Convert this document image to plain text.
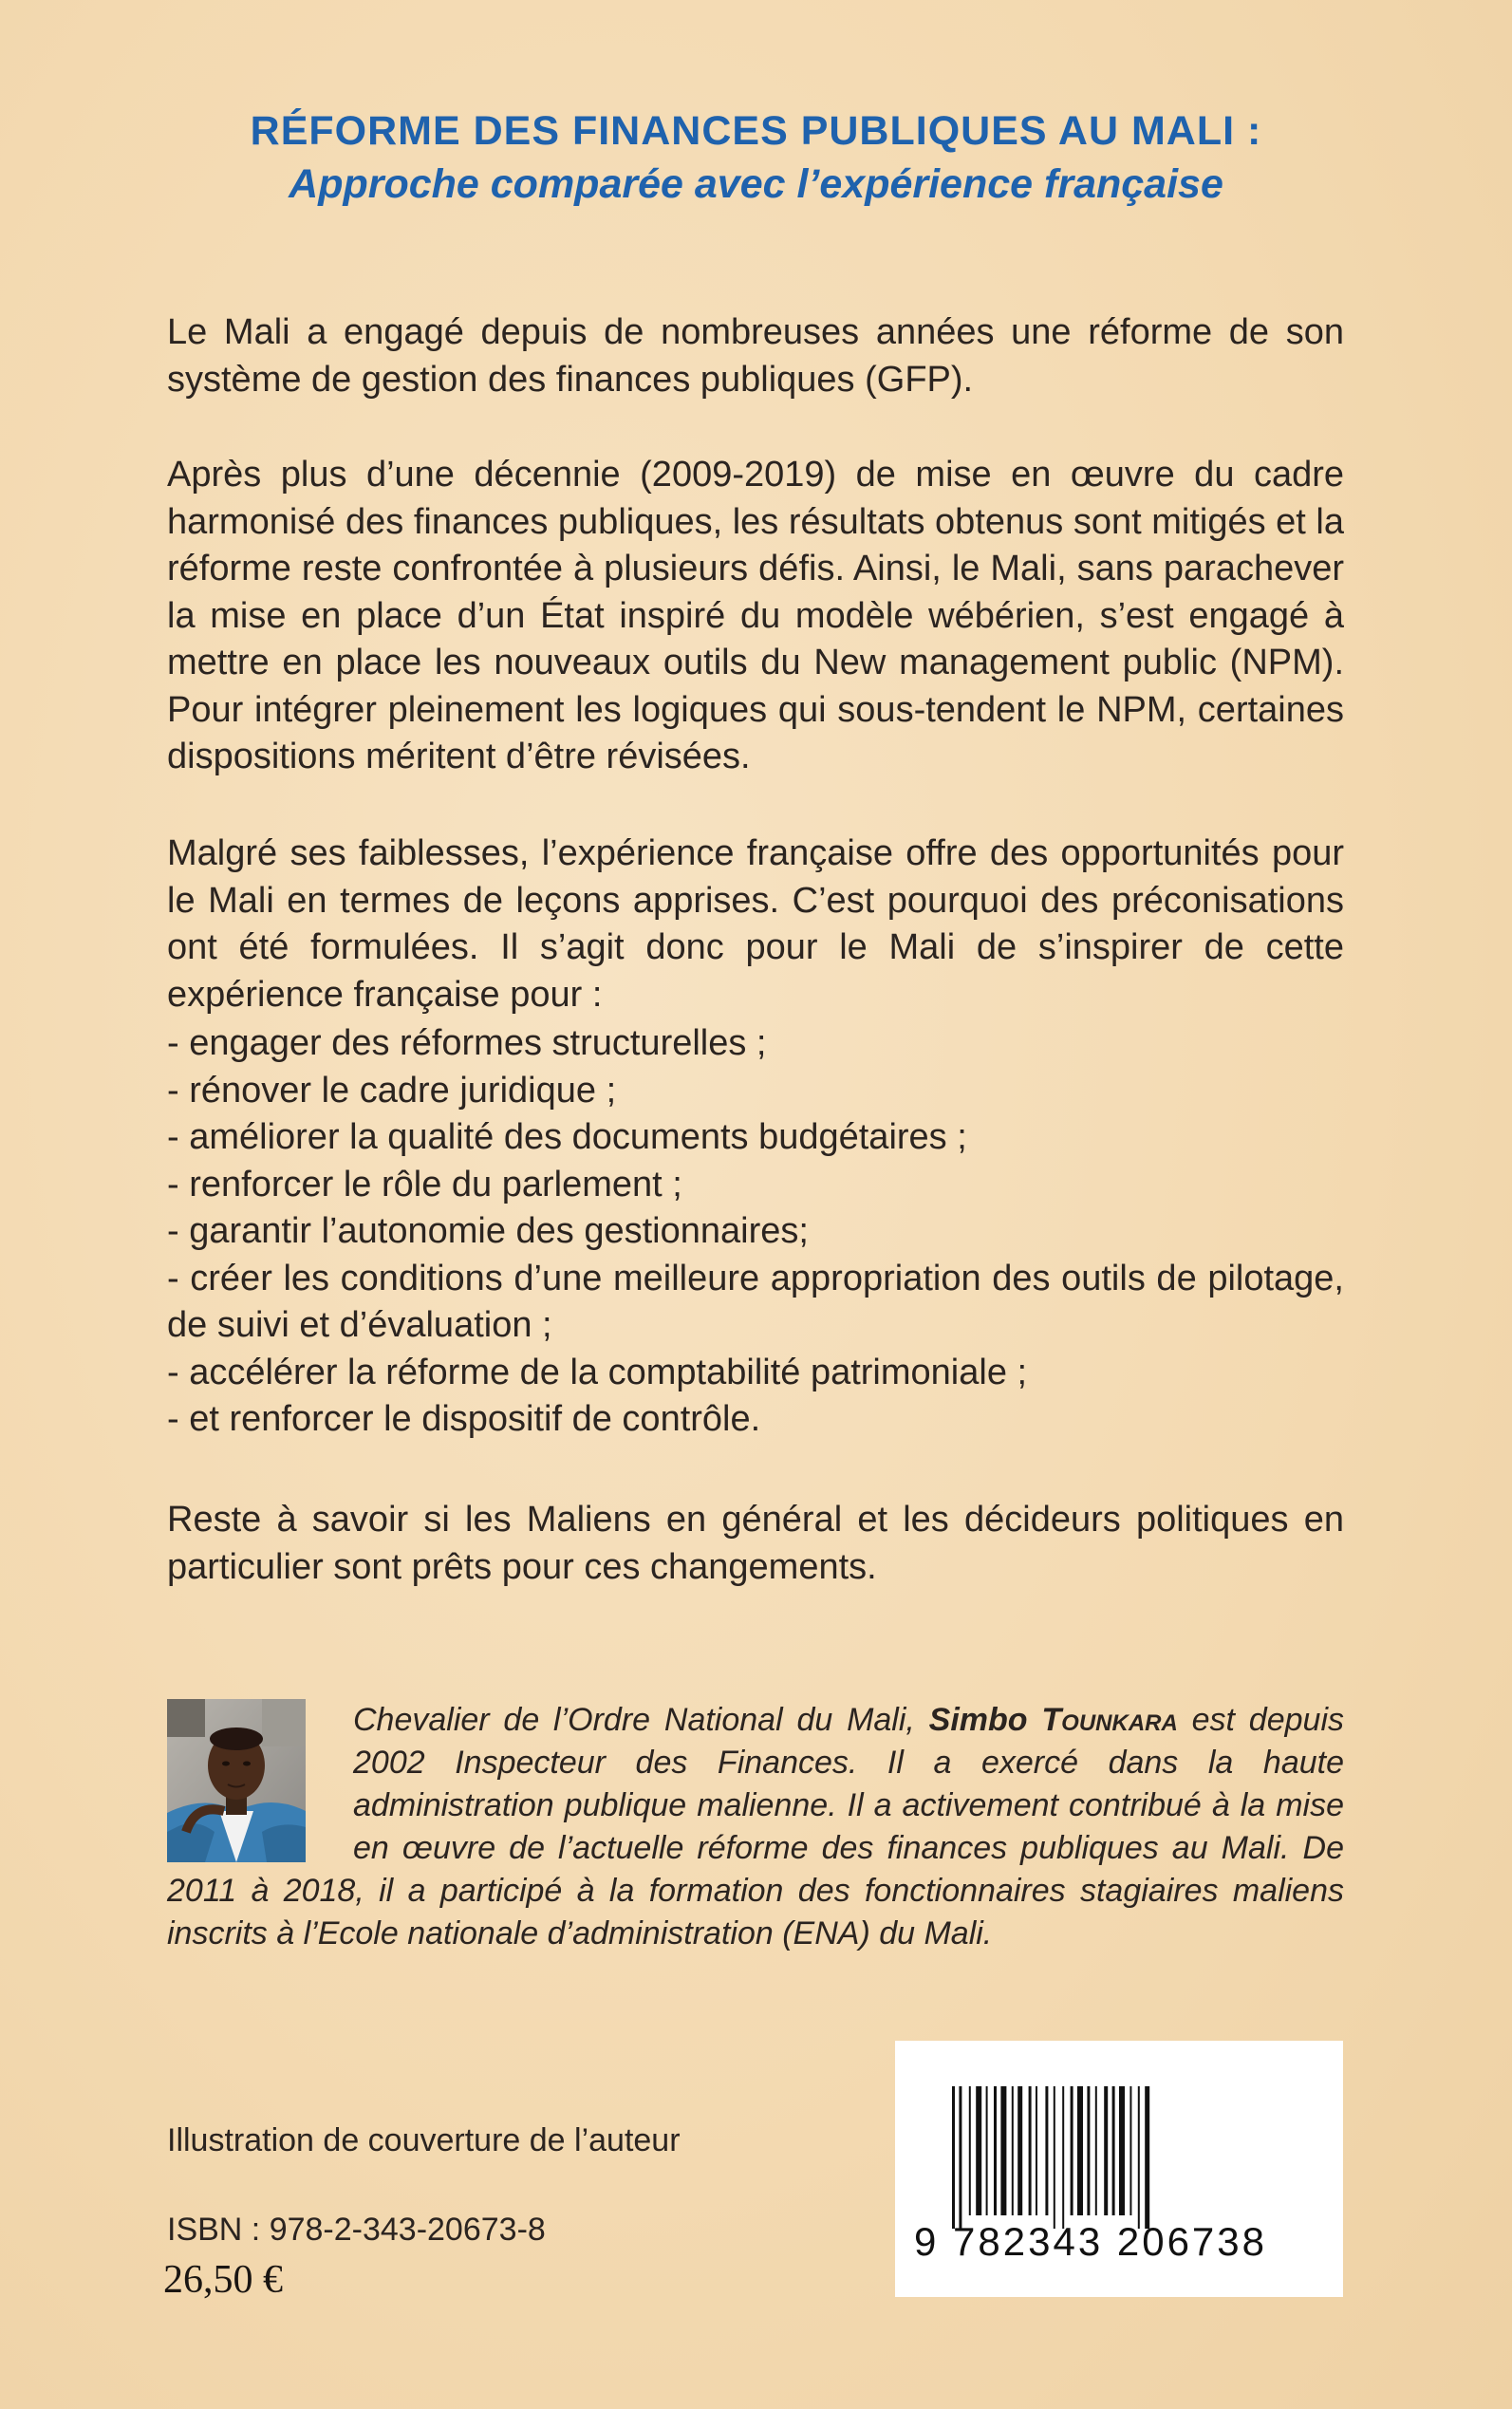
RÉFORME DES FINANCES PUBLIQUES AU MALI :
Approche comparée avec l’expérience française

Le Mali a engagé depuis de nombreuses années une réforme de son système de gestion des finances publiques (GFP).

Après plus d’une décennie (2009-2019) de mise en œuvre du cadre harmonisé des finances publiques, les résultats obtenus sont mitigés et la réforme reste confrontée à plusieurs défis. Ainsi, le Mali, sans parachever la mise en place d’un État inspiré du modèle wébérien, s’est engagé à mettre en place les nouveaux outils du New management public (NPM). Pour intégrer pleinement les logiques qui sous-tendent le NPM, certaines dispositions méritent d’être révisées.

Malgré ses faiblesses, l’expérience française offre des opportunités pour le Mali en termes de leçons apprises. C’est pourquoi des préconisations ont été formulées. Il s’agit donc pour le Mali de s’inspirer de cette expérience française pour :

- engager des réformes structurelles ;
- rénover le cadre juridique ;
- améliorer la qualité des documents budgétaires ;
- renforcer le rôle du parlement ;
- garantir l’autonomie des gestionnaires;
- créer les conditions d’une meilleure appropriation des outils de pilotage, de suivi et d’évaluation ;
- accélérer la réforme de la comptabilité patrimoniale ;
- et renforcer le dispositif de contrôle.

Reste à savoir si les Maliens en général et les décideurs politiques en particulier sont prêts pour ces changements.

Chevalier de l’Ordre National du Mali, Simbo Tounkara est depuis 2002 Inspecteur des Finances. Il a exercé dans la haute administration publique malienne. Il a activement contribué à la mise en œuvre de l’actuelle réforme des finances publiques au Mali. De 2011 à 2018, il a participé à la formation des fonctionnaires stagiaires maliens inscrits à l’Ecole nationale d’administration (ENA) du Mali.

Illustration de couverture de l’auteur
ISBN : 978-2-343-20673-8
26,50 €
9 782343 206738
